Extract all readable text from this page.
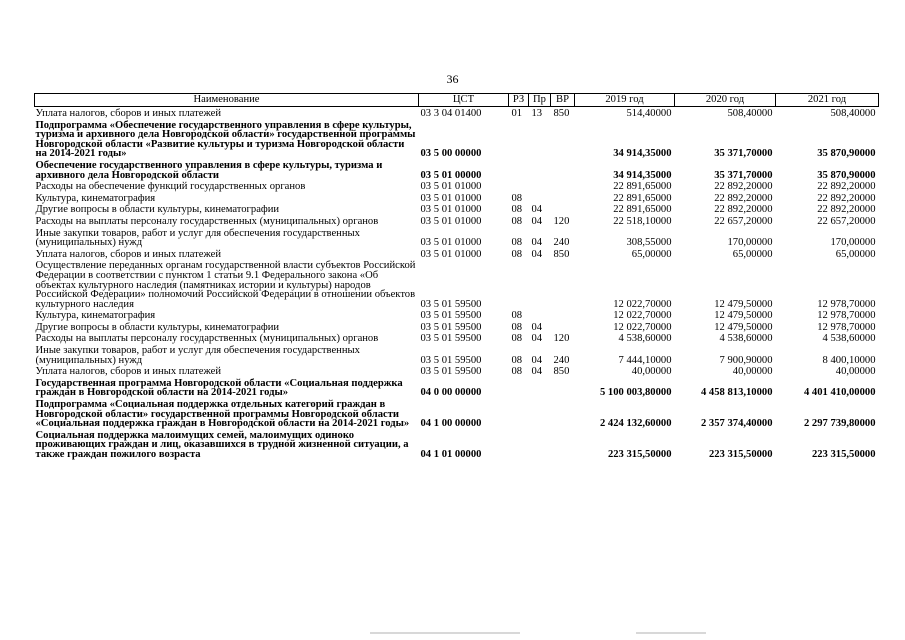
36
Наименование	ЦСТ	РЗ	Пр	ВР	2019 год	2020 год	2021 год
Уплата налогов, сборов и иных платежей	03 3 04 01400	01	13	850	514,40000	508,40000	508,40000
Подпрограмма «Обеспечение государственного управления в сфере культуры, туризма и архивного дела Новгородской области» государственной программы Новгородской области «Развитие культуры и туризма Новгородской области на 2014-2021 годы»	03 5 00 00000				34 914,35000	35 371,70000	35 870,90000
Обеспечение государственного управления в сфере культуры, туризма и архивного дела Новгородской области	03 5 01 00000				34 914,35000	35 371,70000	35 870,90000
Расходы на обеспечение функций государственных органов	03 5 01 01000				22 891,65000	22 892,20000	22 892,20000
Культура, кинематография	03 5 01 01000	08			22 891,65000	22 892,20000	22 892,20000
Другие вопросы в области культуры, кинематографии	03 5 01 01000	08	04		22 891,65000	22 892,20000	22 892,20000
Расходы на выплаты персоналу государственных (муниципальных) органов	03 5 01 01000	08	04	120	22 518,10000	22 657,20000	22 657,20000
Иные закупки товаров, работ и услуг для обеспечения государственных (муниципальных) нужд	03 5 01 01000	08	04	240	308,55000	170,00000	170,00000
Уплата налогов, сборов и иных платежей	03 5 01 01000	08	04	850	65,00000	65,00000	65,00000
Осуществление переданных органам государственной власти субъектов Российской Федерации в соответствии с пунктом 1 статьи 9.1 Федерального закона «Об объектах культурного наследия (памятниках истории и культуры) народов Российской Федерации» полномочий Российской Федерации в отношении объектов культурного наследия	03 5 01 59500				12 022,70000	12 479,50000	12 978,70000
Культура, кинематография	03 5 01 59500	08			12 022,70000	12 479,50000	12 978,70000
Другие вопросы в области культуры, кинематографии	03 5 01 59500	08	04		12 022,70000	12 479,50000	12 978,70000
Расходы на выплаты персоналу государственных (муниципальных) органов	03 5 01 59500	08	04	120	4 538,60000	4 538,60000	4 538,60000
Иные закупки товаров, работ и услуг для обеспечения государственных (муниципальных) нужд	03 5 01 59500	08	04	240	7 444,10000	7 900,90000	8 400,10000
Уплата налогов, сборов и иных платежей	03 5 01 59500	08	04	850	40,00000	40,00000	40,00000
Государственная программа Новгородской области «Социальная поддержка граждан в Новгородской области на 2014-2021 годы»	04 0 00 00000				5 100 003,80000	4 458 813,10000	4 401 410,00000
Подпрограмма «Социальная поддержка отдельных категорий граждан в Новгородской области» государственной программы Новгородской области «Социальная поддержка граждан в Новгородской области на 2014-2021 годы»	04 1 00 00000				2 424 132,60000	2 357 374,40000	2 297 739,80000
Социальная поддержка малоимущих семей, малоимущих одиноко проживающих граждан и лиц, оказавшихся в трудной жизненной ситуации, а также граждан пожилого возраста	04 1 01 00000				223 315,50000	223 315,50000	223 315,50000
